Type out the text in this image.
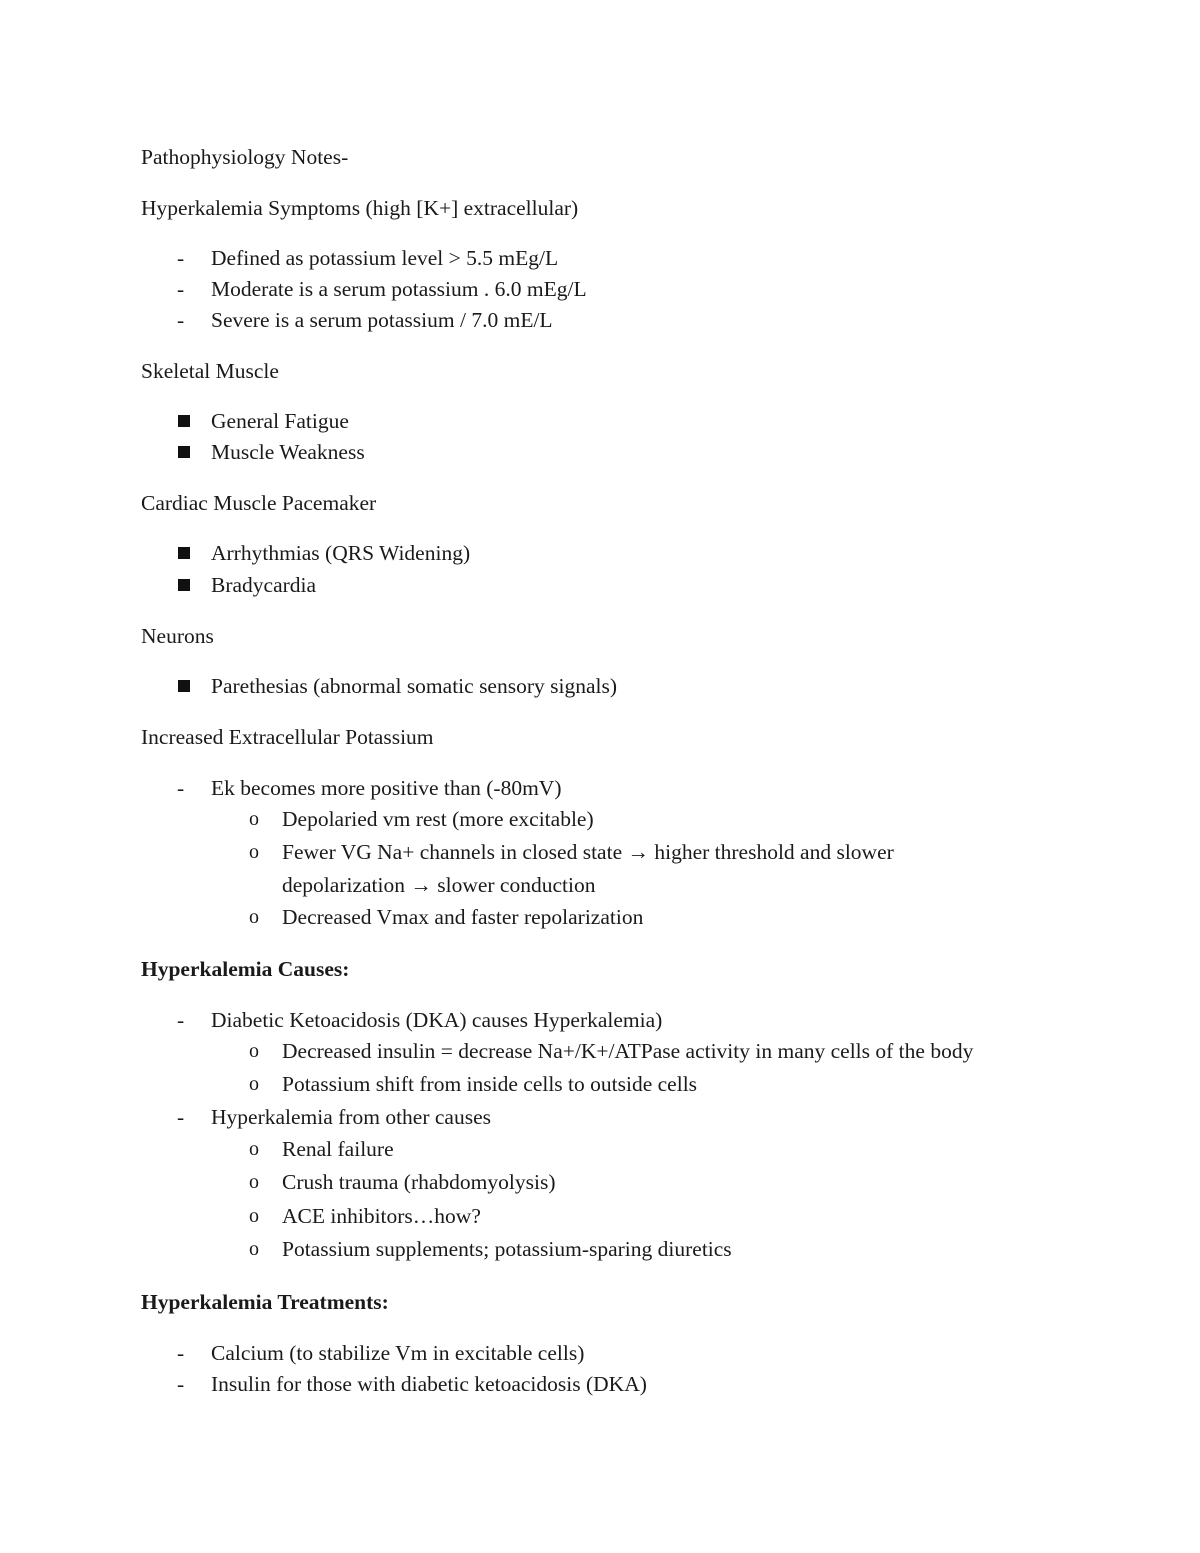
Pathophysiology Notes-
Hyperkalemia Symptoms (high [K+] extracellular)
- Defined as potassium level > 5.5 mEg/L
- Moderate is a serum potassium . 6.0 mEg/L
- Severe is a serum potassium / 7.0 mE/L
Skeletal Muscle
General Fatigue
Muscle Weakness
Cardiac Muscle Pacemaker
Arrhythmias (QRS Widening)
Bradycardia
Neurons
Parethesias (abnormal somatic sensory signals)
Increased Extracellular Potassium
- Ek becomes more positive than (-80mV)
o Depolaried vm rest (more excitable)
o Fewer VG Na+ channels in closed state → higher threshold and slower
depolarization → slower conduction
o Decreased Vmax and faster repolarization
Hyperkalemia Causes:
- Diabetic Ketoacidosis (DKA) causes Hyperkalemia)
o Decreased insulin = decrease Na+/K+/ATPase activity in many cells of the body
o Potassium shift from inside cells to outside cells
- Hyperkalemia from other causes
o Renal failure
o Crush trauma (rhabdomyolysis)
o ACE inhibitors…how?
o Potassium supplements; potassium-sparing diuretics
Hyperkalemia Treatments:
- Calcium (to stabilize Vm in excitable cells)
- Insulin for those with diabetic ketoacidosis (DKA)
